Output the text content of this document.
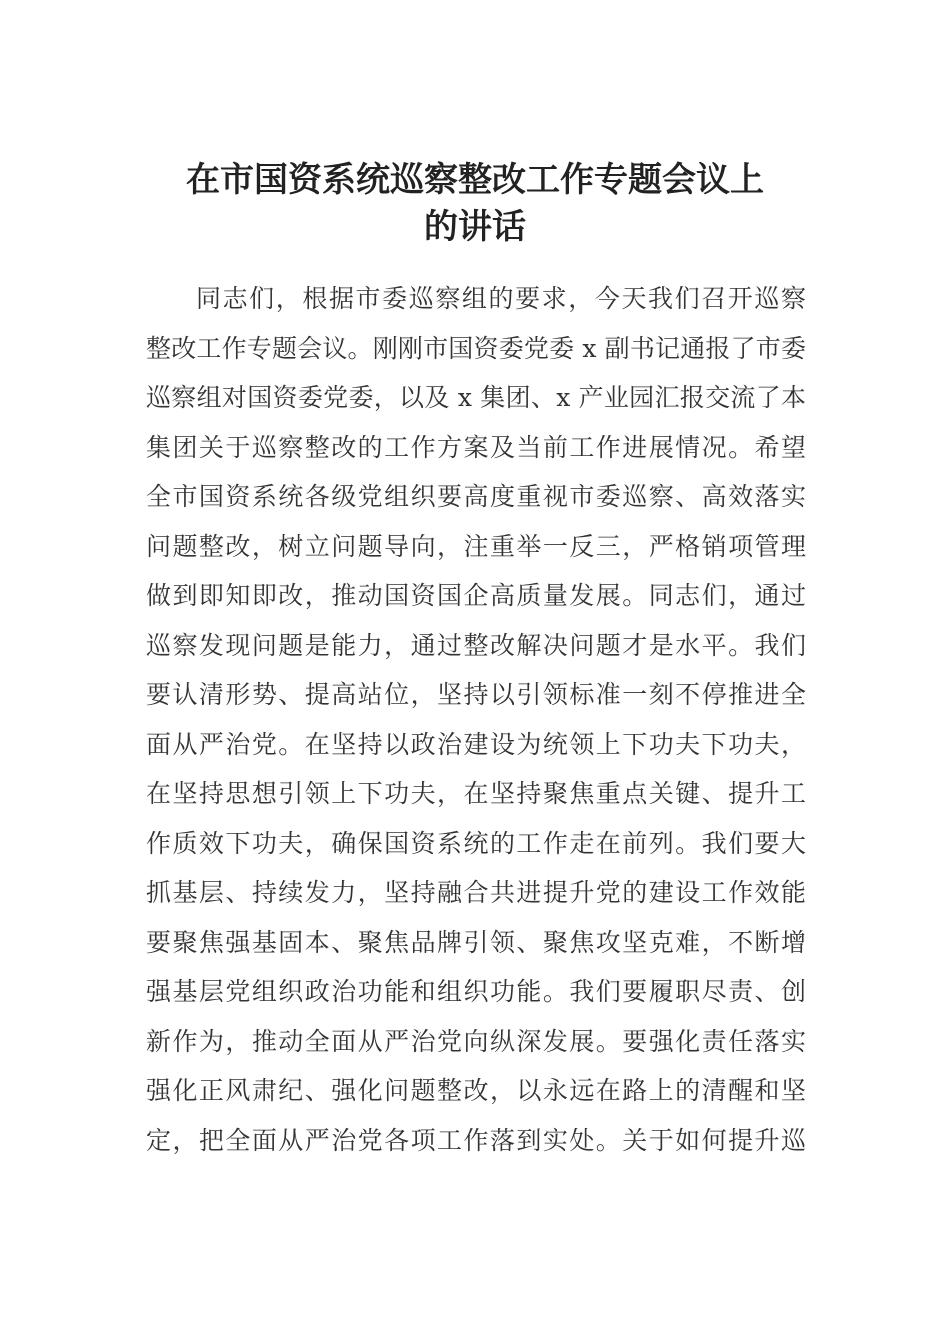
在市国资系统巡察整改工作专题会议上
的讲话
同志们，根据市委巡察组的要求，今天我们召开巡察
整改工作专题会议。刚刚市国资委党委 x 副书记通报了市委
巡察组对国资委党委，以及 x 集团、x 产业园汇报交流了本
集团关于巡察整改的工作方案及当前工作进展情况。希望
全市国资系统各级党组织要高度重视市委巡察、高效落实
问题整改，树立问题导向，注重举一反三，严格销项管理
做到即知即改，推动国资国企高质量发展。同志们，通过
巡察发现问题是能力，通过整改解决问题才是水平。我们
要认清形势、提高站位，坚持以引领标准一刻不停推进全
面从严治党。在坚持以政治建设为统领上下功夫下功夫，
在坚持思想引领上下功夫，在坚持聚焦重点关键、提升工
作质效下功夫，确保国资系统的工作走在前列。我们要大
抓基层、持续发力，坚持融合共进提升党的建设工作效能
要聚焦强基固本、聚焦品牌引领、聚焦攻坚克难，不断增
强基层党组织政治功能和组织功能。我们要履职尽责、创
新作为，推动全面从严治党向纵深发展。要强化责任落实
强化正风肃纪、强化问题整改，以永远在路上的清醒和坚
定，把全面从严治党各项工作落到实处。关于如何提升巡
